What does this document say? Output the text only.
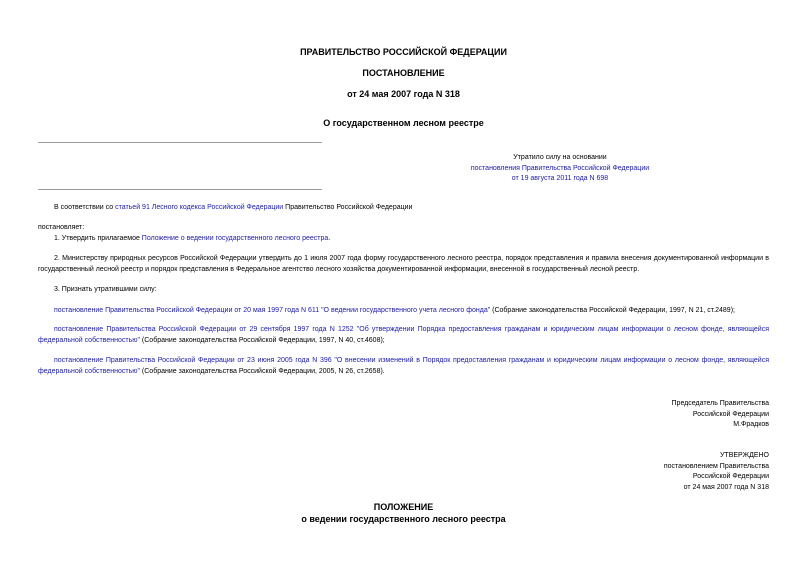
ПРАВИТЕЛЬСТВО РОССИЙСКОЙ ФЕДЕРАЦИИ
ПОСТАНОВЛЕНИЕ
от 24 мая 2007 года N 318
О государственном лесном реестре
Утратило силу на основании
постановления Правительства Российской Федерации
от 19 августа 2011 года N 698
В соответствии со статьей 91 Лесного кодекса Российской Федерации Правительство Российской Федерации
постановляет:
1. Утвердить прилагаемое Положение о ведении государственного лесного реестра.
2. Министерству природных ресурсов Российской Федерации утвердить до 1 июля 2007 года форму государственного лесного реестра, порядок представления и правила внесения документированной информации в государственный лесной реестр и порядок представления в Федеральное агентство лесного хозяйства документированной информации, внесенной в государственный лесной реестр.
3. Признать утратившими силу:
постановление Правительства Российской Федерации от 20 мая 1997 года N 611 "О ведении государственного учета лесного фонда" (Собрание законодательства Российской Федерации, 1997, N 21, ст.2489);
постановление Правительства Российской Федерации от 29 сентября 1997 года N 1252 "Об утверждении Порядка предоставления гражданам и юридическим лицам информации о лесном фонде, являющейся федеральной собственностью" (Собрание законодательства Российской Федерации, 1997, N 40, ст.4608);
постановление Правительства Российской Федерации от 23 июня 2005 года N 396 "О внесении изменений в Порядок предоставления гражданам и юридическим лицам информации о лесном фонде, являющейся федеральной собственностью" (Собрание законодательства Российской Федерации, 2005, N 26, ст.2658).
Председатель Правительства
Российской Федерации
М.Фрадков
УТВЕРЖДЕНО
постановлением Правительства
Российской Федерации
от 24 мая 2007 года N 318
ПОЛОЖЕНИЕ
о ведении государственного лесного реестра
